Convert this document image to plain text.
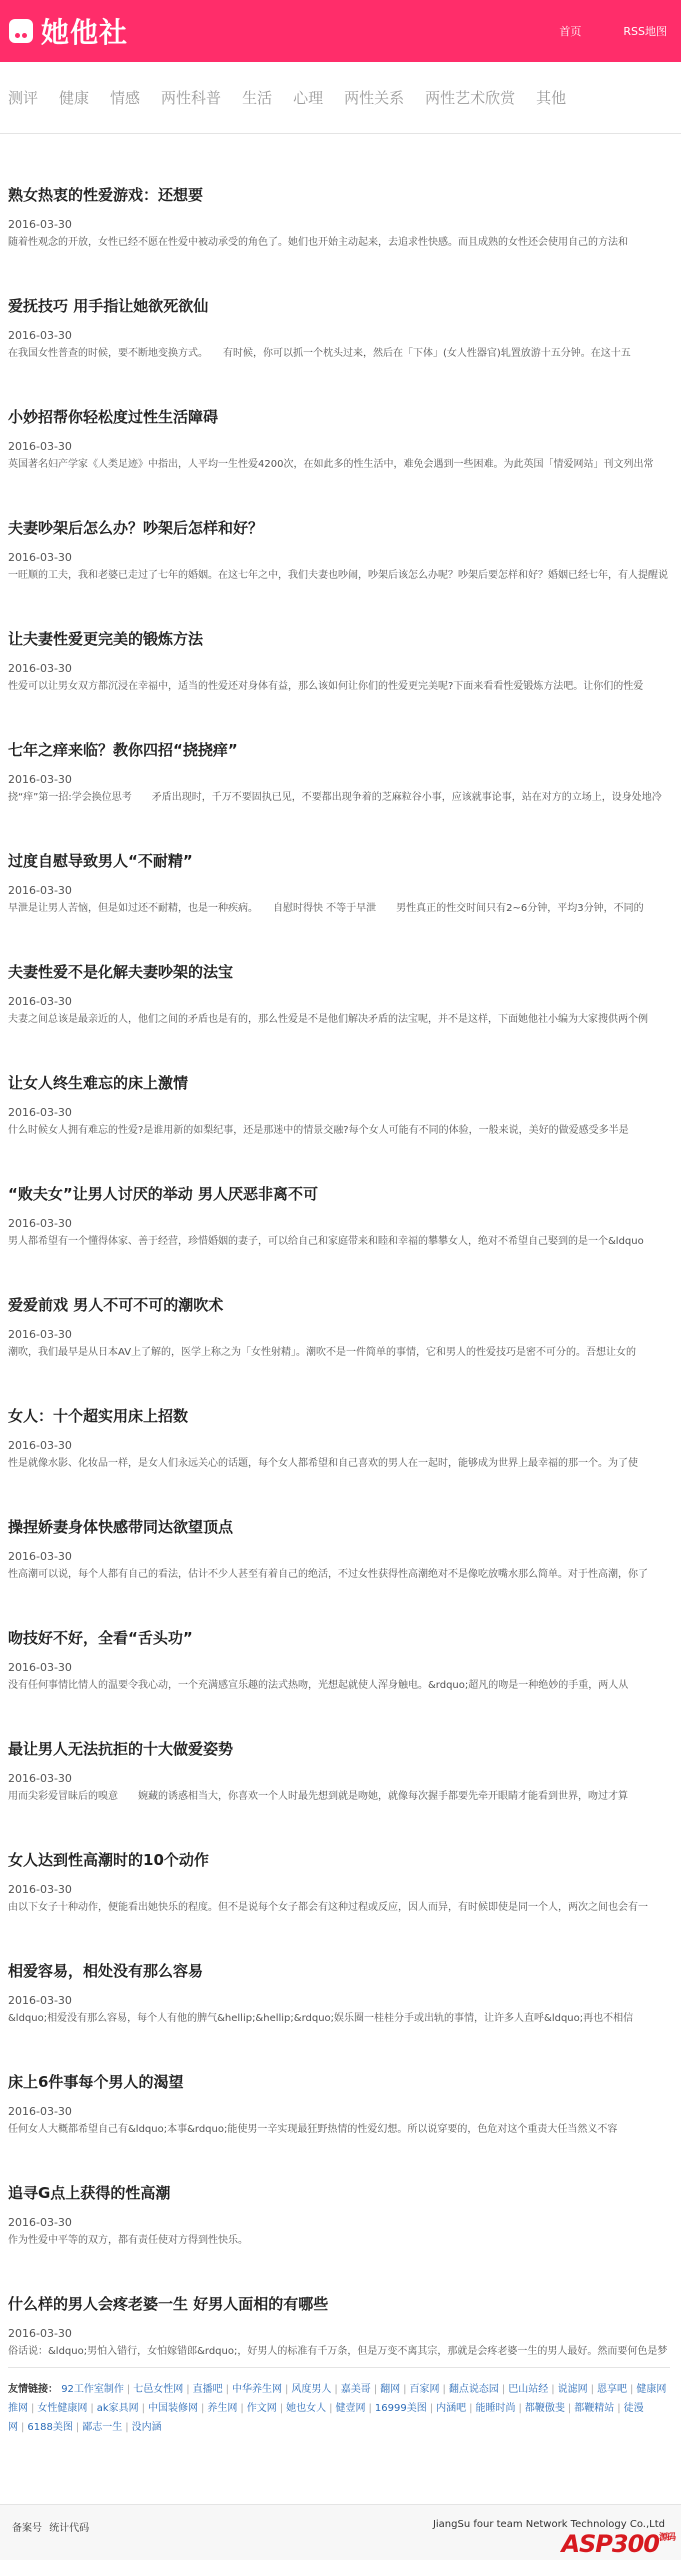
她他社	首页	RSS地图
测评 健康 情感 两性科普 生活 心理 两性关系 两性艺术欣赏 其他
熟女热衷的性爱游戏：还想要
2016-03-30
随着性观念的开放，女性已经不愿在性爱中被动承受的角色了。她们也开始主动起来，去追求性快感。而且成熟的女性还会使用自己的方法和
爱抚技巧 用手指让她欲死欲仙
2016-03-30
在我国女性普查的时候，要不断地变换方式。　　有时候，你可以抓一个枕头过来，然后在「下体」(女人性器官)轧置放游十五分钟。在这十五
小妙招帮你轻松度过性生活障碍
2016-03-30
英国著名妇产学家《人类足迹》中指出，人平均一生性爱4200次，在如此多的性生活中，难免会遇到一些困难。为此英国「情爱网站」刊文列出常
夫妻吵架后怎么办？吵架后怎样和好？
2016-03-30
一旺顺的工夫，我和老婆已走过了七年的婚姻。在这七年之中，我们夫妻也吵闹，吵架后该怎么办呢？吵架后要怎样和好？婚姻已经七年，有人提醒说
让夫妻性爱更完美的锻炼方法
2016-03-30
性爱可以让男女双方都沉浸在幸福中，适当的性爱还对身体有益，那么该如何让你们的性爱更完美呢?下面来看看性爱锻炼方法吧。让你们的性爱
七年之痒来临？教你四招“挠挠痒”
2016-03-30
挠“痒”第一招:学会换位思考　　矛盾出现时，千万不要固执已见，不要都出现争着的芝麻粒谷小事，应该就事论事，站在对方的立场上，设身处地冷
过度自慰导致男人“不耐精”
2016-03-30
早泄是让男人苦恼，但是如过还不耐精，也是一种疾病。　　自慰时得快 不等于早泄　　男性真正的性交时间只有2~6分钟，平均3分钟，不同的
夫妻性爱不是化解夫妻吵架的法宝
2016-03-30
夫妻之间总该是最亲近的人，他们之间的矛盾也是有的，那么性爱是不是他们解决矛盾的法宝呢，并不是这样，下面她他社小编为大家搜供两个例
让女人终生难忘的床上激情
2016-03-30
什么时候女人拥有难忘的性爱?是谁用新的如梨纪事，还是那迷中的情景交融?每个女人可能有不同的体验，一般来说，美好的做爱感受多半是
“败夫女”让男人讨厌的举动 男人厌恶非离不可
2016-03-30
男人都希望有一个懂得体家、善于经营，珍惜婚姻的妻子，可以给自己和家庭带来和睦和幸福的攀攀女人，绝对不希望自己娶到的是一个&ldquo
爱爱前戏 男人不可不可的潮吹术
2016-03-30
潮吹，我们最早是从日本AV上了解的，医学上称之为「女性射精」。潮吹不是一件简单的事情，它和男人的性爱技巧是密不可分的。吾想让女的
女人：十个超实用床上招数
2016-03-30
性是就像水影、化妆品一样，是女人们永远关心的话题，每个女人都希望和自己喜欢的男人在一起时，能够成为世界上最幸福的那一个。为了使
操捏娇妻身体快感带同达欲望顶点
2016-03-30
性高潮可以说，每个人都有自己的看法，估计不少人甚至有着自己的绝活，不过女性获得性高潮绝对不是像吃放嘴水那么简单。对于性高潮，你了
吻技好不好，全看“舌头功”
2016-03-30
没有任何事情比情人的温要令我心动，一个充满感宣乐趣的法式热吻，光想起就使人浑身触电。&rdquo;超凡的吻是一种绝妙的手重，两人从
最让男人无法抗拒的十大做爱姿势
2016-03-30
用而尖彩爱冒昧后的嗅意　　婉藏的诱惑相当大，你喜欢一个人时最先想到就是吻她，就像每次握手都要先牵开眼睛才能看到世界，吻过才算
女人达到性高潮时的10个动作
2016-03-30
由以下女子十种动作，便能看出她快乐的程度。但不是说每个女子都会有这种过程或反应，因人而异，有时候即使是同一个人，两次之间也会有一
相爱容易，相处没有那么容易
2016-03-30
&ldquo;相爱没有那么容易，每个人有他的脾气&hellip;&hellip;&rdquo;娱乐圈一桂桂分手或出轨的事情，让许多人直呼&ldquo;再也不相信
床上6件事每个男人的渴望
2016-03-30
任何女人大概都希望自己有&ldquo;本事&rdquo;能使男一辛实现最狂野热情的性爱幻想。所以说穿要的，色危对这个重责大任当然义不容
追寻G点上获得的性高潮
2016-03-30
作为性爱中平等的双方，都有责任使对方得到性快乐。
什么样的男人会疼老婆一生 好男人面相的有哪些
2016-03-30
俗话说：&ldquo;男怕入错行，女怕嫁错郎&rdquo;，好男人的标准有千万条，但是万变不离其宗，那就是会疼老婆一生的男人最好。然而要何色是梦
友情链接： 92工作室制作 | 七邑女性网 | 直播吧 | 中华养生网 | 风度男人 | 嘉美哥 | 翻网 | 百家网 | 翻点说态园 | 巴山站经 | 说滤网 | 恩享吧 | 健康网推网 | 女性健康网 | ak家具网 | 中国装修网 | 养生网 | 作文网 | 她也女人 | 健壹网 | 16999美图 | 内涵吧 | 能睡时尚 | 都鞭傲斐 | 都鞭精站 | 徒漫网 | 6188美图 | 鄙志一生 | 没内涵
备案号 统计代码	JiangSu four team Network Technology Co.,Ltd
$ASP300^{源码}$
